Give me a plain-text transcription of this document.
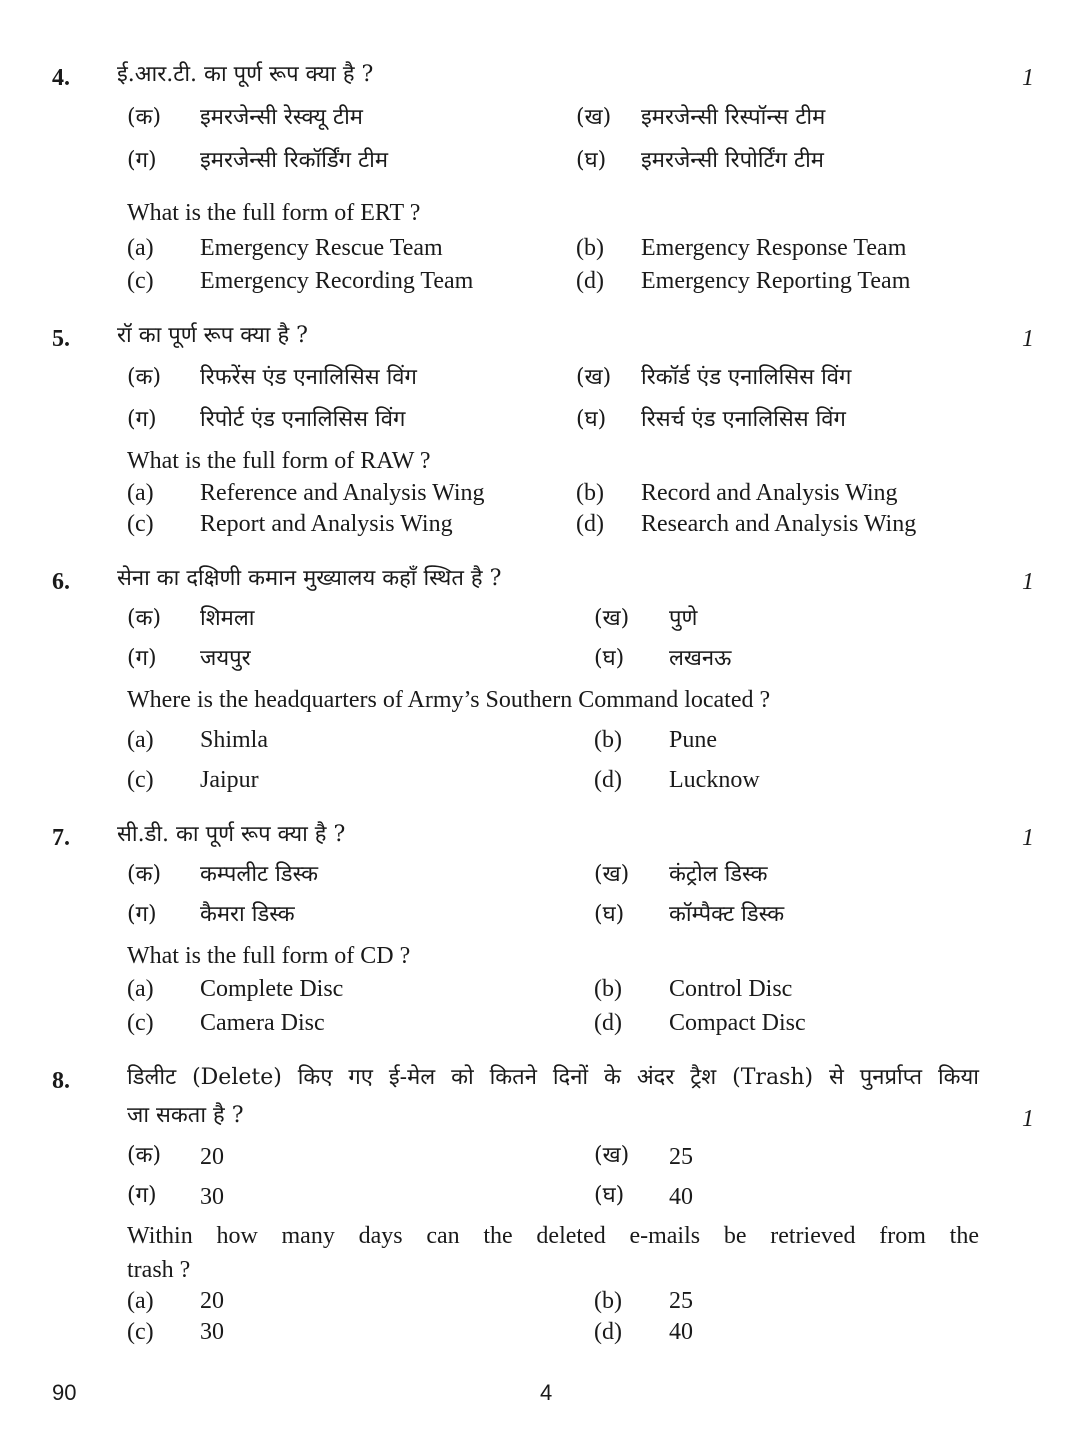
4. ई.आर.टी. का पूर्ण रूप क्या है ?	1
(क) इमरजेन्सी रेस्क्यू टीम	(ख) इमरजेन्सी रिस्पॉन्स टीम
(ग) इमरजेन्सी रिकॉर्डिंग टीम	(घ) इमरजेन्सी रिपोर्टिंग टीम
What is the full form of ERT ?
(a) Emergency Rescue Team	(b) Emergency Response Team
(c) Emergency Recording Team	(d) Emergency Reporting Team
5. रॉ का पूर्ण रूप क्या है ?	1
(क) रिफरेंस एंड एनालिसिस विंग	(ख) रिकॉर्ड एंड एनालिसिस विंग
(ग) रिपोर्ट एंड एनालिसिस विंग	(घ) रिसर्च एंड एनालिसिस विंग
What is the full form of RAW ?
(a) Reference and Analysis Wing	(b) Record and Analysis Wing
(c) Report and Analysis Wing	(d) Research and Analysis Wing
6. सेना का दक्षिणी कमान मुख्यालय कहाँ स्थित है ?	1
(क) शिमला	(ख) पुणे
(ग) जयपुर	(घ) लखनऊ
Where is the headquarters of Army’s Southern Command located ?
(a) Shimla	(b) Pune
(c) Jaipur	(d) Lucknow
7. सी.डी. का पूर्ण रूप क्या है ?	1
(क) कम्पलीट डिस्क	(ख) कंट्रोल डिस्क
(ग) कैमरा डिस्क	(घ) कॉम्पैक्ट डिस्क
What is the full form of CD ?
(a) Complete Disc	(b) Control Disc
(c) Camera Disc	(d) Compact Disc
8.	डिलीट (Delete) किए गए ई-मेल को कितने दिनों के अंदर ट्रैश (Trash) से पुनर्प्राप्त किया
जा सकता है ?	1
(क) 20	(ख) 25
(ग) 30	(घ) 40
Within how many days can the deleted e-mails be retrieved from the
trash ?
(a) 20	(b) 25
(c) 30	(d) 40
90	4
